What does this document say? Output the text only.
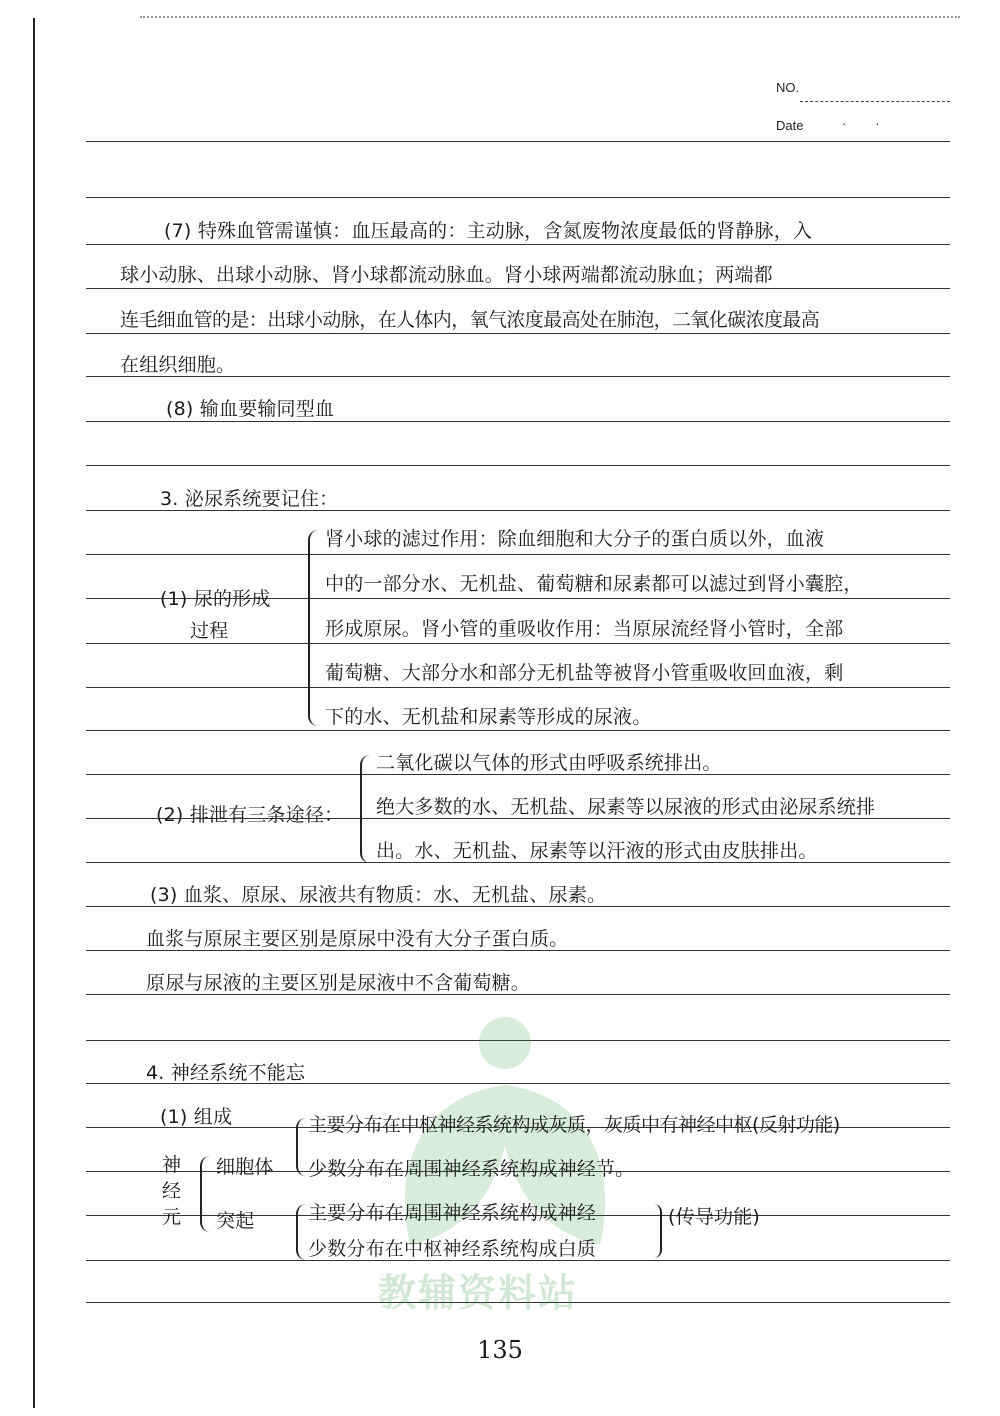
NO.
Date	·        ·
教辅资料站
(7) 特殊血管需谨慎：血压最高的：主动脉，含氮废物浓度最低的肾静脉，入
球小动脉、出球小动脉、肾小球都流动脉血。肾小球两端都流动脉血；两端都
连毛细血管的是：出球小动脉，在人体内，氧气浓度最高处在肺泡，二氧化碳浓度最高
在组织细胞。
(8) 输血要输同型血
3. 泌尿系统要记住：
(1) 尿的形成
过程
肾小球的滤过作用：除血细胞和大分子的蛋白质以外，血液
中的一部分水、无机盐、葡萄糖和尿素都可以滤过到肾小囊腔，
形成原尿。肾小管的重吸收作用：当原尿流经肾小管时，全部
葡萄糖、大部分水和部分无机盐等被肾小管重吸收回血液，剩
下的水、无机盐和尿素等形成的尿液。
(2) 排泄有三条途径：
二氧化碳以气体的形式由呼吸系统排出。
绝大多数的水、无机盐、尿素等以尿液的形式由泌尿系统排
出。水、无机盐、尿素等以汗液的形式由皮肤排出。
(3) 血浆、原尿、尿液共有物质：水、无机盐、尿素。
血浆与原尿主要区别是原尿中没有大分子蛋白质。
原尿与尿液的主要区别是尿液中不含葡萄糖。
4. 神经系统不能忘
(1) 组成
神
经
元
细胞体
突起
主要分布在中枢神经系统构成灰质，灰质中有神经中枢(反射功能)
少数分布在周围神经系统构成神经节。
主要分布在周围神经系统构成神经
少数分布在中枢神经系统构成白质
(传导功能)
135
